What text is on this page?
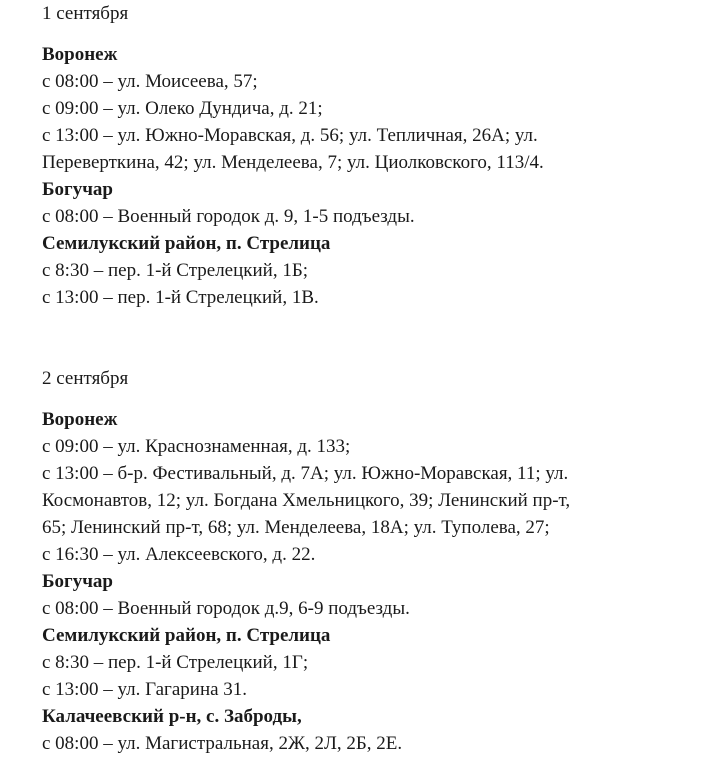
1 сентября
Воронеж
с 08:00 – ул. Моисеева, 57;
с 09:00 – ул. Олеко Дундича, д. 21;
с 13:00 – ул. Южно-Моравская, д. 56; ул. Тепличная, 26А; ул.
Переверткина, 42; ул. Менделеева, 7; ул. Циолковского, 113/4.
Богучар
с 08:00 – Военный городок д. 9, 1-5 подъезды.
Семилукский район, п. Стрелица
с 8:30 – пер. 1-й Стрелецкий, 1Б;
с 13:00 – пер. 1-й Стрелецкий, 1В.
2 сентября
Воронеж
с 09:00 – ул. Краснознаменная, д. 133;
с 13:00 – б-р. Фестивальный, д. 7А; ул. Южно-Моравская, 11; ул.
Космонавтов, 12; ул. Богдана Хмельницкого, 39; Ленинский пр-т,
65; Ленинский пр-т, 68; ул. Менделеева, 18А; ул. Туполева, 27;
с 16:30 – ул. Алексеевского, д. 22.
Богучар
с 08:00 – Военный городок д.9, 6-9 подъезды.
Семилукский район, п. Стрелица
с 8:30 – пер. 1-й Стрелецкий, 1Г;
с 13:00 – ул. Гагарина 31.
Калачеевский р-н, с. Заброды,
с 08:00 – ул. Магистральная, 2Ж, 2Л, 2Б, 2Е.
